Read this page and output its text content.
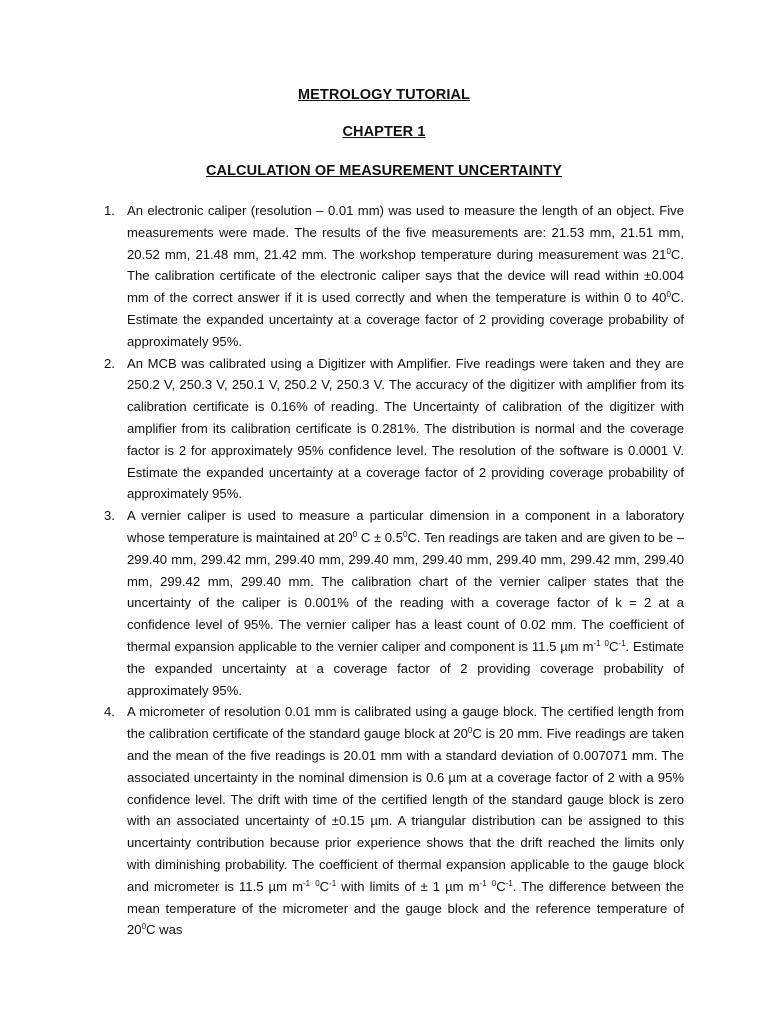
METROLOGY TUTORIAL
CHAPTER 1
CALCULATION OF MEASUREMENT UNCERTAINTY
1. An electronic caliper (resolution – 0.01 mm) was used to measure the length of an object. Five measurements were made. The results of the five measurements are: 21.53 mm, 21.51 mm, 20.52 mm, 21.48 mm, 21.42 mm. The workshop temperature during measurement was $21^0C$. The calibration certificate of the electronic caliper says that the device will read within ±0.004 mm of the correct answer if it is used correctly and when the temperature is within 0 to $40^0C$. Estimate the expanded uncertainty at a coverage factor of 2 providing coverage probability of approximately 95%.
2. An MCB was calibrated using a Digitizer with Amplifier. Five readings were taken and they are 250.2 V, 250.3 V, 250.1 V, 250.2 V, 250.3 V. The accuracy of the digitizer with amplifier from its calibration certificate is 0.16% of reading. The Uncertainty of calibration of the digitizer with amplifier from its calibration certificate is 0.281%. The distribution is normal and the coverage factor is 2 for approximately 95% confidence level. The resolution of the software is 0.0001 V. Estimate the expanded uncertainty at a coverage factor of 2 providing coverage probability of approximately 95%.
3. A vernier caliper is used to measure a particular dimension in a component in a laboratory whose temperature is maintained at $20^0$ $C \pm 0.5^0C$. Ten readings are taken and are given to be – 299.40 mm, 299.42 mm, 299.40 mm, 299.40 mm, 299.40 mm, 299.40 mm, 299.42 mm, 299.40 mm, 299.42 mm, 299.40 mm. The calibration chart of the vernier caliper states that the uncertainty of the caliper is 0.001% of the reading with a coverage factor of k = 2 at a confidence level of 95%. The vernier caliper has a least count of 0.02 mm. The coefficient of thermal expansion applicable to the vernier caliper and component is 11.5 µm $m^{-1}$ $^0C^{-1}$. Estimate the expanded uncertainty at a coverage factor of 2 providing coverage probability of approximately 95%.
4. A micrometer of resolution 0.01 mm is calibrated using a gauge block. The certified length from the calibration certificate of the standard gauge block at $20^0C$ is 20 mm. Five readings are taken and the mean of the five readings is 20.01 mm with a standard deviation of 0.007071 mm. The associated uncertainty in the nominal dimension is 0.6 µm at a coverage factor of 2 with a 95% confidence level. The drift with time of the certified length of the standard gauge block is zero with an associated uncertainty of ±0.15 µm. A triangular distribution can be assigned to this uncertainty contribution because prior experience shows that the drift reached the limits only with diminishing probability. The coefficient of thermal expansion applicable to the gauge block and micrometer is 11.5 µm $m^{-1}$ $^0C^{-1}$ with limits of ± 1 µm $m^{-1}$ $^0C^{-1}$. The difference between the mean temperature of the micrometer and the gauge block and the reference temperature of $20^0C$ was
